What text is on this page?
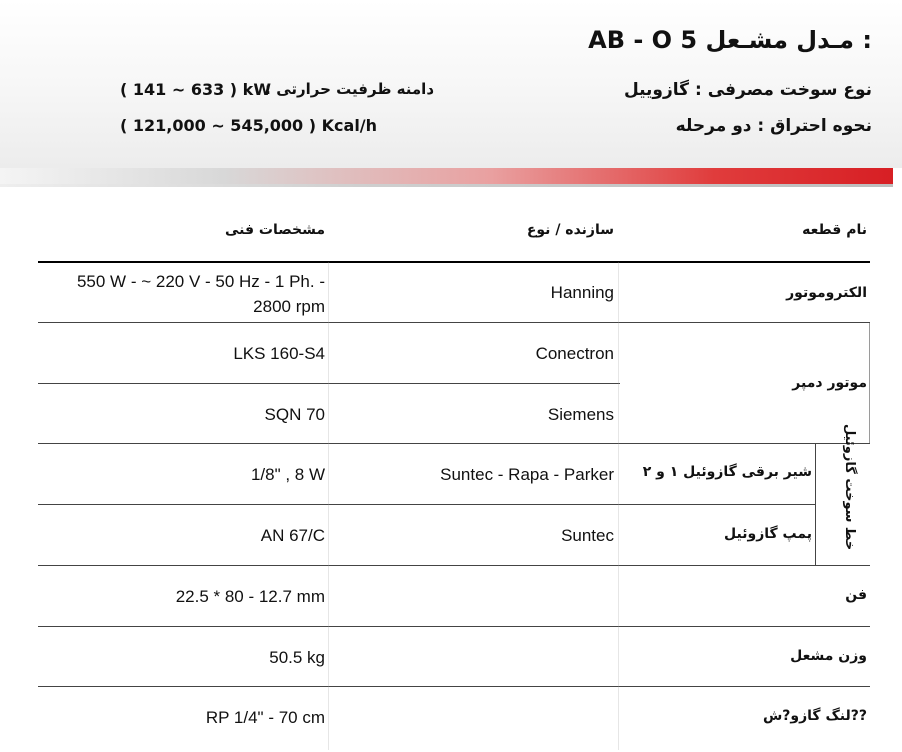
AB - O 5 مـدل مشـعل :
نوع سوخت مصرفی : گازوییل
نحوه احتراق : دو مرحله
دامنه ظرفیت حرارتی :
( 141 ~ 633 ) kW
( 121,000 ~ 545,000 ) Kcal/h
نام قطعه
سازنده / نوع
مشخصات فنی
الکتروموتور
Hanning
550 W - ~ 220 V - 50 Hz - 1 Ph. -
2800 rpm
Conectron
LKS 160-S4
موتور دمپر
Siemens
SQN 70
خط سوخت گازوئیل
شیر برقی گازوئیل ۱ و ۲
Suntec - Rapa - Parker
1/8" , 8 W
پمپ گازوئیل
Suntec
AN 67/C
فن
22.5 * 80 - 12.7 mm
وزن مشعل
50.5 kg
??لنگ گازو?ش
RP 1/4" - 70 cm
